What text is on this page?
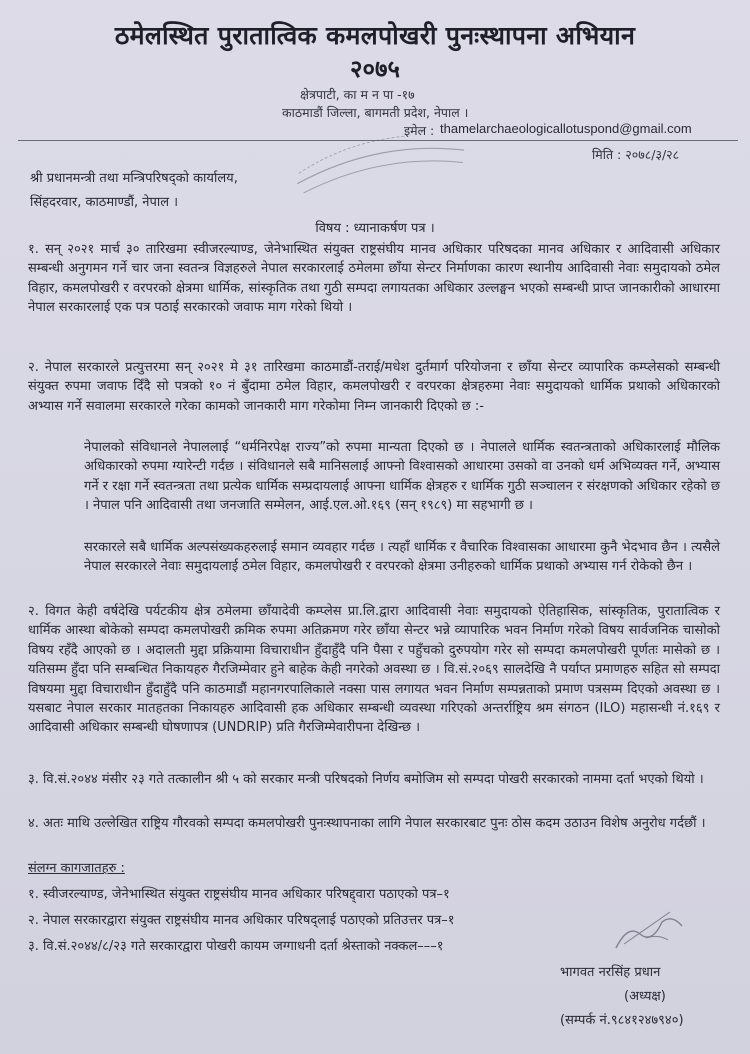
ठमेलस्थित पुरातात्विक कमलपोखरी पुनःस्थापना अभियान
२०७५
क्षेत्रपाटी, का म न पा -१७
काठमाडौं जिल्ला, बागमती प्रदेश, नेपाल ।
इमेल : thamelarchaeologicallotuspond@gmail.com
मिति : २०७८/३/२८
श्री प्रधानमन्त्री तथा मन्त्रिपरिषद्को कार्यालय,
सिंहदरवार, काठमाण्डौं, नेपाल ।
विषय : ध्यानाकर्षण पत्र ।
१. सन् २०२१ मार्च ३० तारिखमा स्वीजरल्याण्ड, जेनेभास्थित संयुक्त राष्ट्रसंघीय मानव अधिकार परिषदका मानव अधिकार र आदिवासी अधिकार सम्बन्धी अनुगमन गर्ने चार जना स्वतन्त्र विज्ञहरुले नेपाल सरकारलाई ठमेलमा छाँया सेन्टर निर्माणका कारण स्थानीय आदिवासी नेवाः समुदायको ठमेल विहार, कमलपोखरी र वरपरको क्षेत्रमा धार्मिक, सांस्कृतिक तथा गुठी सम्पदा लगायतका अधिकार उल्लङ्घन भएको सम्बन्धी प्राप्त जानकारीको आधारमा नेपाल सरकारलाई एक पत्र पठाई सरकारको जवाफ माग गरेको थियो ।
२. नेपाल सरकारले प्रत्युत्तरमा सन् २०२१ मे ३१ तारिखमा काठमाडौं-तराई/मधेश दुर्तमार्ग परियोजना र छाँया सेन्टर व्यापारिक कम्प्लेसको सम्बन्धी संयुक्त रुपमा जवाफ दिँदै सो पत्रको १० नं बुँदामा ठमेल विहार, कमलपोखरी र वरपरका क्षेत्रहरुमा नेवाः समुदायको धार्मिक प्रथाको अधिकारको अभ्यास गर्ने सवालमा सरकारले गरेका कामको जानकारी माग गरेकोमा निम्न जानकारी दिएको छ :-
नेपालको संविधानले नेपाललाई “धर्मनिरपेक्ष राज्य”को रुपमा मान्यता दिएको छ । नेपालले धार्मिक स्वतन्त्रताको अधिकारलाई मौलिक अधिकारको रुपमा ग्यारेन्टी गर्दछ । संविधानले सबै मानिसलाई आफ्नो विश्वासको आधारमा उसको वा उनको धर्म अभिव्यक्त गर्ने, अभ्यास गर्ने र रक्षा गर्ने स्वतन्त्रता तथा प्रत्येक धार्मिक सम्प्रदायलाई आफ्ना धार्मिक क्षेत्रहरु र धार्मिक गुठी सञ्चालन र संरक्षणको अधिकार रहेको छ । नेपाल पनि आदिवासी तथा जनजाति सम्मेलन, आई.एल.ओ.१६९ (सन् १९८९) मा सहभागी छ ।
सरकारले सबै धार्मिक अल्पसंख्यकहरुलाई समान व्यवहार गर्दछ । त्यहाँ धार्मिक र वैचारिक विश्वासका आधारमा कुनै भेदभाव छैन । त्यसैले नेपाल सरकारले नेवाः समुदायलाई ठमेल विहार, कमलपोखरी र वरपरको क्षेत्रमा उनीहरुको धार्मिक प्रथाको अभ्यास गर्न रोकेको छैन ।
२. विगत केही वर्षदेखि पर्यटकीय क्षेत्र ठमेलमा छाँयादेवी कम्प्लेस प्रा.लि.द्वारा आदिवासी नेवाः समुदायको ऐतिहासिक, सांस्कृतिक, पुरातात्विक र धार्मिक आस्था बोकेको सम्पदा कमलपोखरी क्रमिक रुपमा अतिक्रमण गरेर छाँया सेन्टर भन्ने व्यापारिक भवन निर्माण गरेको विषय सार्वजनिक चासोको विषय रहँदै आएको छ । अदालती मुद्दा प्रक्रियामा विचाराधीन हुँदाहुँदै पनि पैसा र पहुँचको दुरुपयोग गरेर सो सम्पदा कमलपोखरी पूर्णतः मासेको छ । यतिसम्म हुँदा पनि सम्बन्धित निकायहरु गैरजिम्मेवार हुने बाहेक केही नगरेको अवस्था छ । वि.सं.२०६९ सालदेखि नै पर्याप्त प्रमाणहरु सहित सो सम्पदा विषयमा मुद्दा विचाराधीन हुँदाहुँदै पनि काठमाडौं महानगरपालिकाले नक्सा पास लगायत भवन निर्माण सम्पन्नताको प्रमाण पत्रसम्म दिएको अवस्था छ । यसबाट नेपाल सरकार मातहतका निकायहरु आदिवासी हक अधिकार सम्बन्धी व्यवस्था गरिएको अन्तर्राष्ट्रिय श्रम संगठन (ILO) महासन्धी नं.१६९ र आदिवासी अधिकार सम्बन्धी घोषणापत्र (UNDRIP) प्रति गैरजिम्मेवारीपना देखिन्छ ।
३. वि.सं.२०४४ मंसीर २३ गते तत्कालीन श्री ५ को सरकार मन्त्री परिषदको निर्णय बमोजिम सो सम्पदा पोखरी सरकारको नाममा दर्ता भएको थियो ।
४. अतः माथि उल्लेखित राष्ट्रिय गौरवको सम्पदा कमलपोखरी पुनःस्थापनाका लागि नेपाल सरकारबाट पुनः ठोस कदम उठाउन विशेष अनुरोध गर्दछौं ।
संलग्न कागजातहरु :
१. स्वीजरल्याण्ड, जेनेभास्थित संयुक्त राष्ट्रसंघीय मानव अधिकार परिषद्द्वारा पठाएको पत्र–१
२. नेपाल सरकारद्वारा संयुक्त राष्ट्रसंघीय मानव अधिकार परिषद्लाई पठाएको प्रतिउत्तर पत्र–१
३. वि.सं.२०४४/८/२३ गते सरकारद्वारा पोखरी कायम जग्गाधनी दर्ता श्रेस्ताको नक्कल–––१
भागवत नरसिंह प्रधान
(अध्यक्ष)
(सम्पर्क नं.९८४१२४७९४०)
